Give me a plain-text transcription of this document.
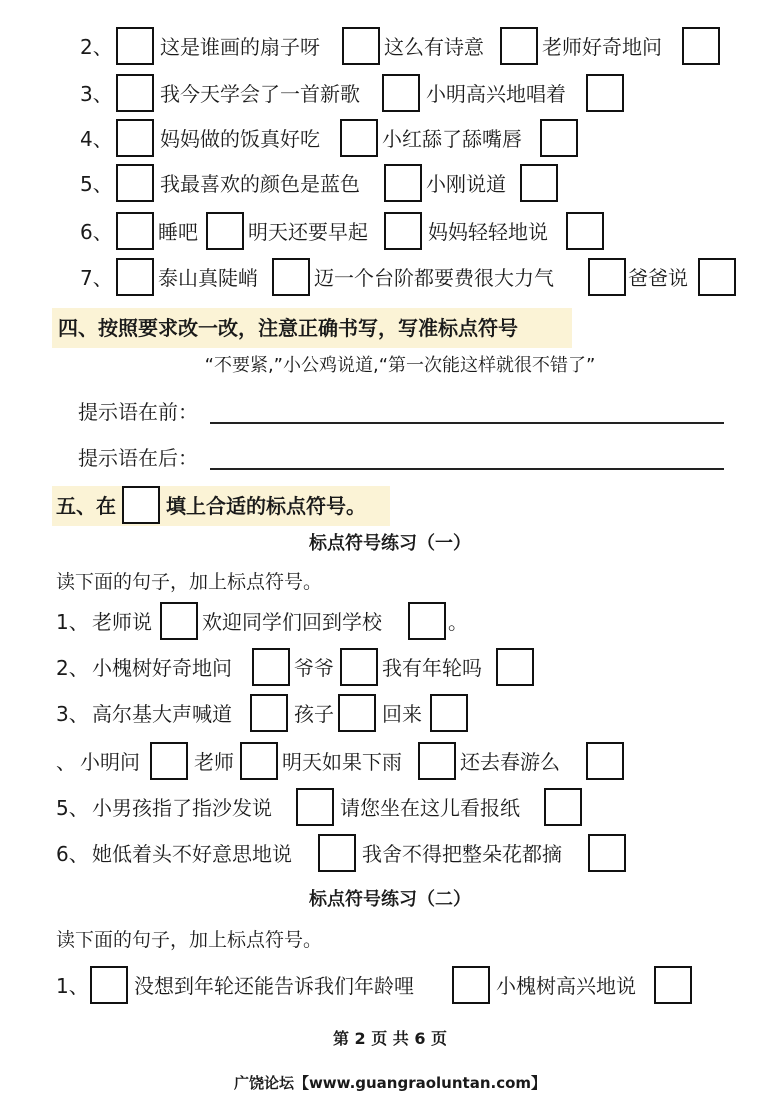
2、 这是谁画的扇子呀	这么有诗意	老师好奇地问
3、 我今天学会了一首新歌	小明高兴地唱着
4、 妈妈做的饭真好吃	小红舔了舔嘴唇
5、 我最喜欢的颜色是蓝色	小刚说道
6、 睡吧	明天还要早起	妈妈轻轻地说
7、 泰山真陡峭	迈一个台阶都要费很大力气	爸爸说
四、按照要求改一改，注意正确书写，写准标点符号
“不要紧,”小公鸡说道,“第一次能这样就很不错了”
提示语在前：
提示语在后：
五、在	填上合适的标点符号。
标点符号练习（一）
读下面的句子，加上标点符号。
1、 老师说	欢迎同学们回到学校	。
2、 小槐树好奇地问	爷爷 我有年轮吗
3、 高尔基大声喊道	孩子 回来
、 小明问	老师 明天如果下雨	还去春游么
5、 小男孩指了指沙发说	请您坐在这儿看报纸
6、 她低着头不好意思地说	我舍不得把整朵花都摘
标点符号练习（二）
读下面的句子，加上标点符号。
1、 没想到年轮还能告诉我们年龄哩	小槐树高兴地说
第 2 页 共 6 页
广饶论坛【www.guangraoluntan.com】
